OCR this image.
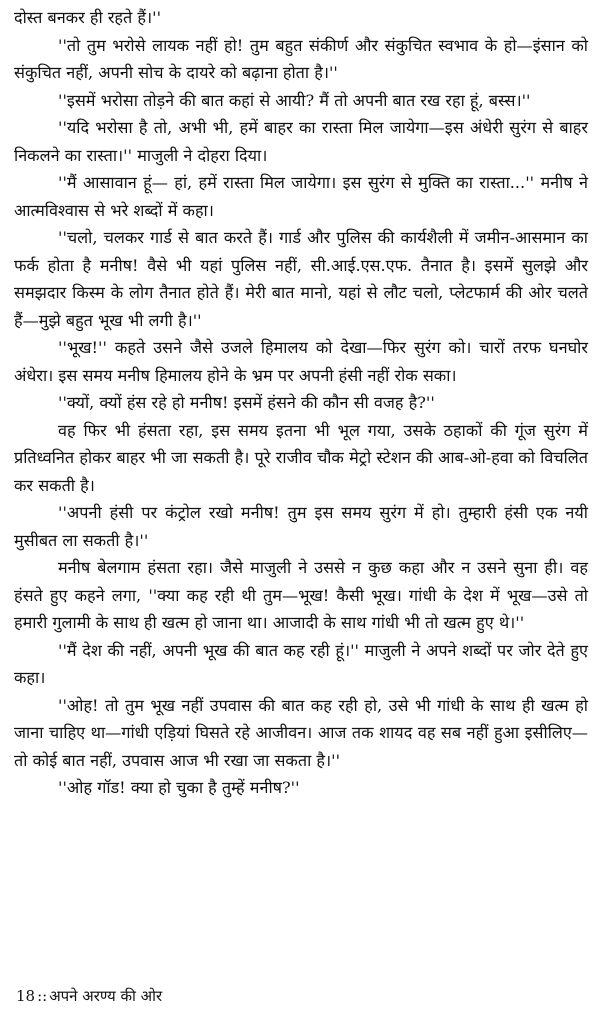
दोस्त बनकर ही रहते हैं।''

''तो तुम भरोसे लायक नहीं हो! तुम बहुत संकीर्ण और संकुचित स्वभाव के हो—इंसान को संकुचित नहीं, अपनी सोच के दायरे को बढ़ाना होता है।''

''इसमें भरोसा तोड़ने की बात कहां से आयी? मैं तो अपनी बात रख रहा हूं, बस्स।''

''यदि भरोसा है तो, अभी भी, हमें बाहर का रास्ता मिल जायेगा—इस अंधेरी सुरंग से बाहर निकलने का रास्ता।'' माजुली ने दोहरा दिया।

''मैं आसावान हूं— हां, हमें रास्ता मिल जायेगा। इस सुरंग से मुक्ति का रास्ता...'' मनीष ने आत्मविश्वास से भरे शब्दों में कहा।

''चलो, चलकर गार्ड से बात करते हैं। गार्ड और पुलिस की कार्यशैली में जमीन-आसमान का फर्क होता है मनीष! वैसे भी यहां पुलिस नहीं, सी.आई.एस.एफ. तैनात है। इसमें सुलझे और समझदार किस्म के लोग तैनात होते हैं। मेरी बात मानो, यहां से लौट चलो, प्लेटफार्म की ओर चलते हैं—मुझे बहुत भूख भी लगी है।''

''भूख!'' कहते उसने जैसे उजले हिमालय को देखा—फिर सुरंग को। चारों तरफ घनघोर अंधेरा। इस समय मनीष हिमालय होने के भ्रम पर अपनी हंसी नहीं रोक सका।

''क्यों, क्यों हंस रहे हो मनीष! इसमें हंसने की कौन सी वजह है?''

वह फिर भी हंसता रहा, इस समय इतना भी भूल गया, उसके ठहाकों की गूंज सुरंग में प्रतिध्वनित होकर बाहर भी जा सकती है। पूरे राजीव चौक मेट्रो स्टेशन की आब-ओ-हवा को विचलित कर सकती है।

''अपनी हंसी पर कंट्रोल रखो मनीष! तुम इस समय सुरंग में हो। तुम्हारी हंसी एक नयी मुसीबत ला सकती है।''

मनीष बेलगाम हंसता रहा। जैसे माजुली ने उससे न कुछ कहा और न उसने सुना ही। वह हंसते हुए कहने लगा, ''क्या कह रही थी तुम—भूख! कैसी भूख। गांधी के देश में भूख—उसे तो हमारी गुलामी के साथ ही खत्म हो जाना था। आजादी के साथ गांधी भी तो खत्म हुए थे।''

''मैं देश की नहीं, अपनी भूख की बात कह रही हूं।'' माजुली ने अपने शब्दों पर जोर देते हुए कहा।

''ओह! तो तुम भूख नहीं उपवास की बात कह रही हो, उसे भी गांधी के साथ ही खत्म हो जाना चाहिए था—गांधी एड़ियां घिसते रहे आजीवन। आज तक शायद वह सब नहीं हुआ इसीलिए—तो कोई बात नहीं, उपवास आज भी रखा जा सकता है।''

''ओह गॉड! क्या हो चुका है तुम्हें मनीष?''

18 :: अपने अरण्य की ओर
